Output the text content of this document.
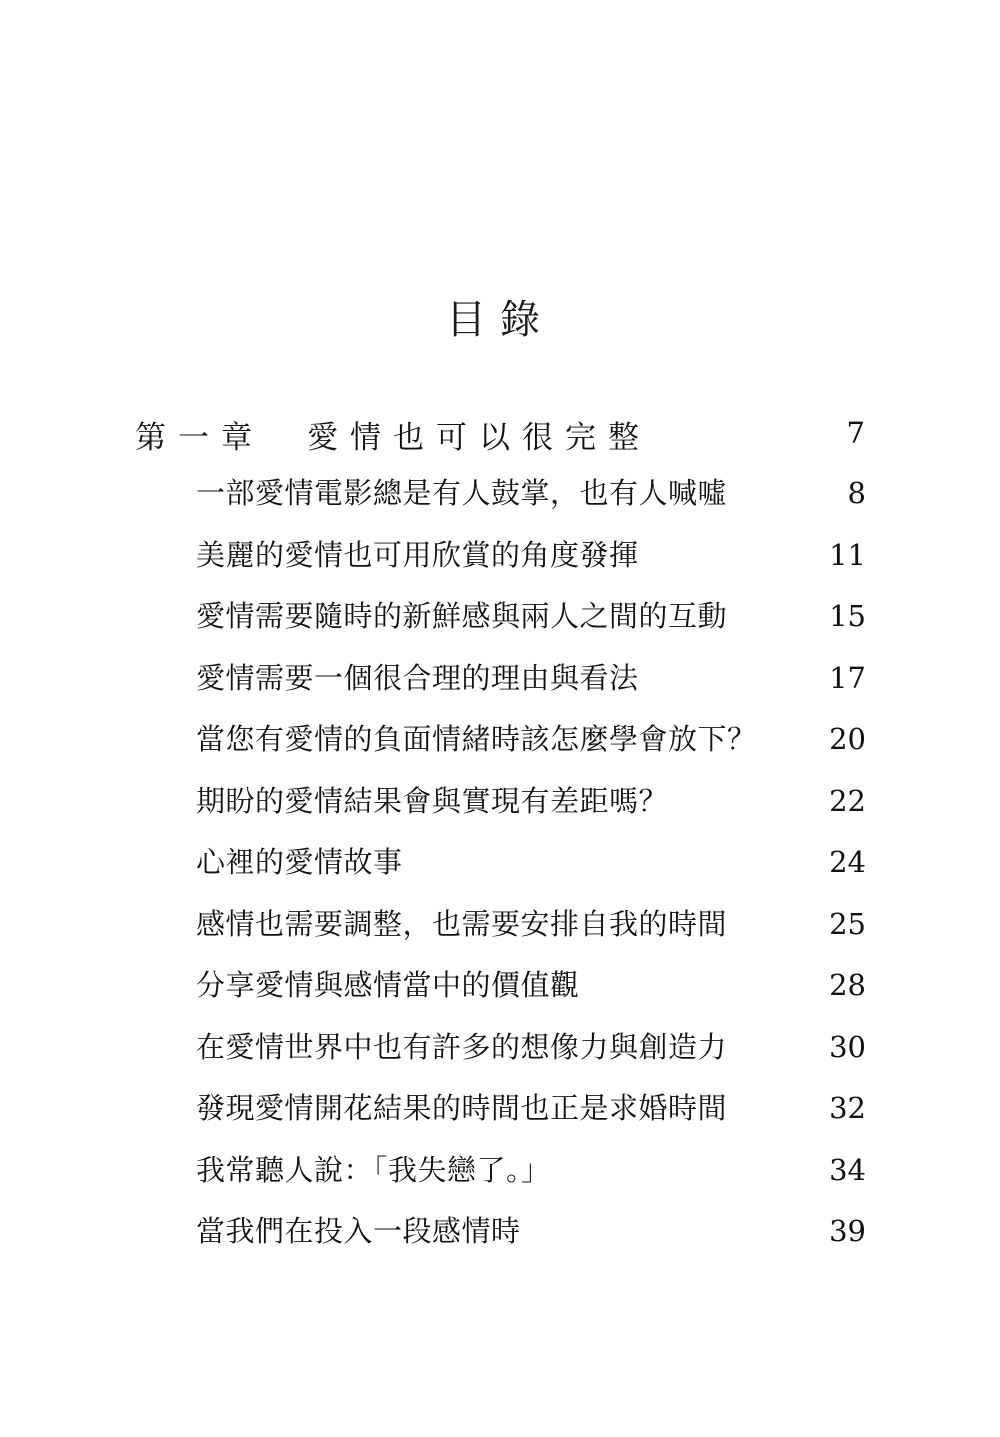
目錄
第一章　愛情也可以很完整	7
一部愛情電影總是有人鼓掌，也有人喊噓	8
美麗的愛情也可用欣賞的角度發揮	11
愛情需要隨時的新鮮感與兩人之間的互動	15
愛情需要一個很合理的理由與看法	17
當您有愛情的負面情緒時該怎麼學會放下？	20
期盼的愛情結果會與實現有差距嗎？	22
心裡的愛情故事	24
感情也需要調整，也需要安排自我的時間	25
分享愛情與感情當中的價值觀	28
在愛情世界中也有許多的想像力與創造力	30
發現愛情開花結果的時間也正是求婚時間	32
我常聽人說：「我失戀了。」	34
當我們在投入一段感情時	39
